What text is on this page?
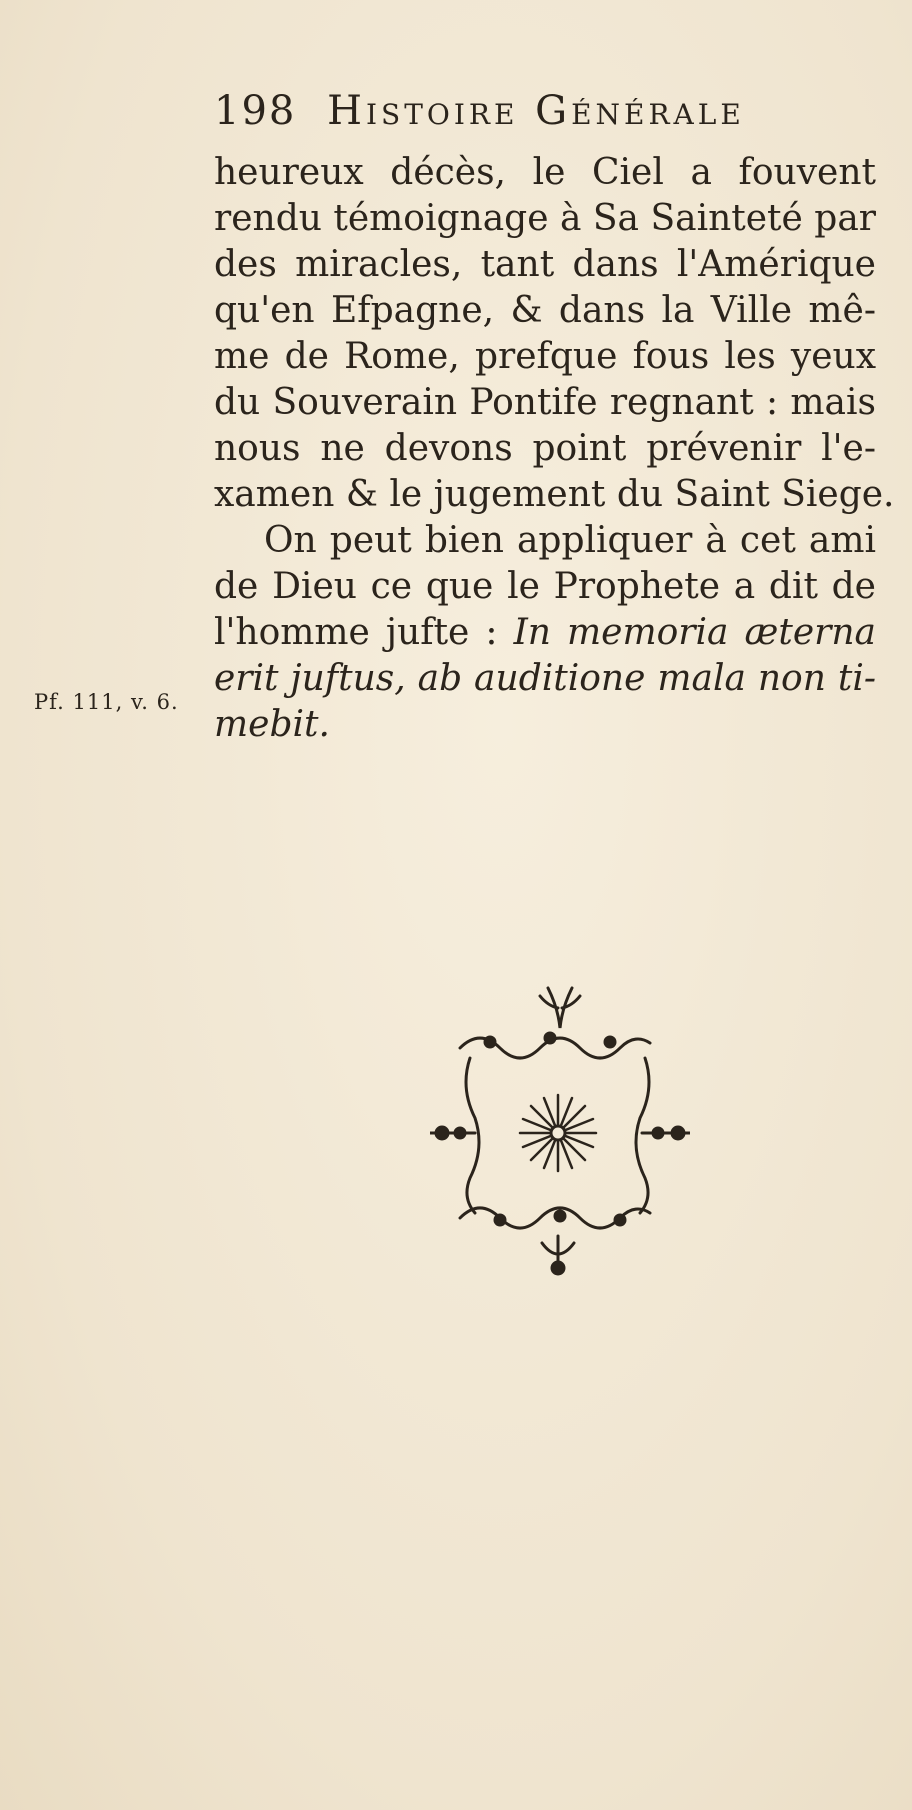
198 Histoire Générale
heureux décès, le Ciel a fouvent
rendu témoignage à Sa Sainteté par
des miracles, tant dans l'Amérique
qu'en Efpagne, & dans la Ville mê-
me de Rome, prefque fous les yeux
du Souverain Pontife regnant : mais
nous ne devons point prévenir l'e-
xamen & le jugement du Saint Siege.
On peut bien appliquer à cet ami
de Dieu ce que le Prophete a dit de
l'homme jufte : In memoria æterna
erit juftus, ab auditione mala non ti-
mebit.
Pf. 111, v. 6.
